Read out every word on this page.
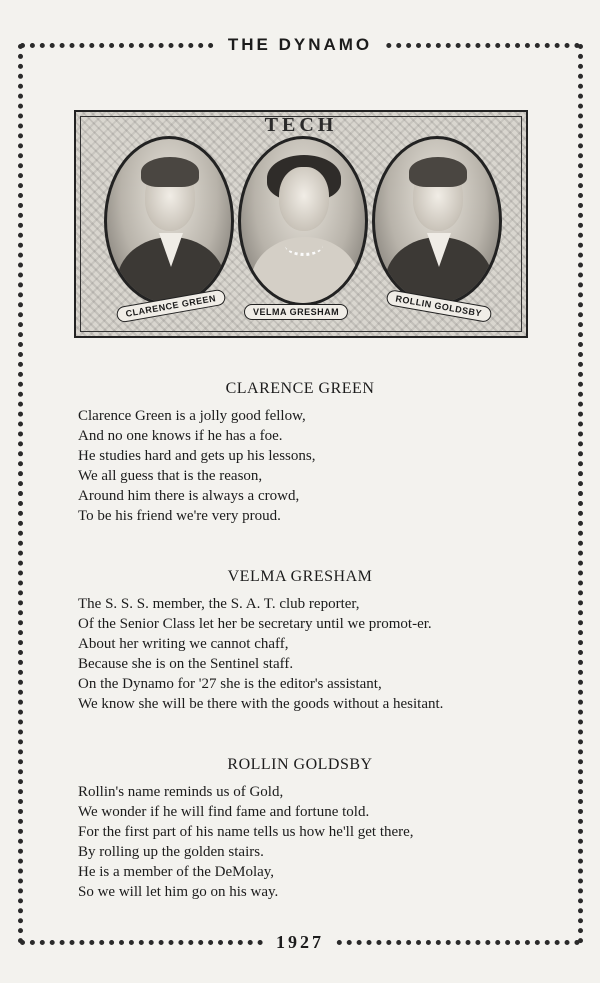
THE DYNAMO
TECH
CLARENCE GREEN	VELMA GRESHAM	ROLLIN GOLDSBY
CLARENCE GREEN
Clarence Green is a jolly good fellow,
And no one knows if he has a foe.
He studies hard and gets up his lessons,
We all guess that is the reason,
Around him there is always a crowd,
To be his friend we're very proud.
VELMA GRESHAM
The S. S. S. member, the S. A. T. club reporter,
Of the Senior Class let her be secretary until we promot-er.
About her writing we cannot chaff,
Because she is on the Sentinel staff.
On the Dynamo for '27 she is the editor's assistant,
We know she will be there with the goods without a hesitant.
ROLLIN GOLDSBY
Rollin's name reminds us of Gold,
We wonder if he will find fame and fortune told.
For the first part of his name tells us how he'll get there,
By rolling up the golden stairs.
He is a member of the DeMolay,
So we will let him go on his way.
1927
